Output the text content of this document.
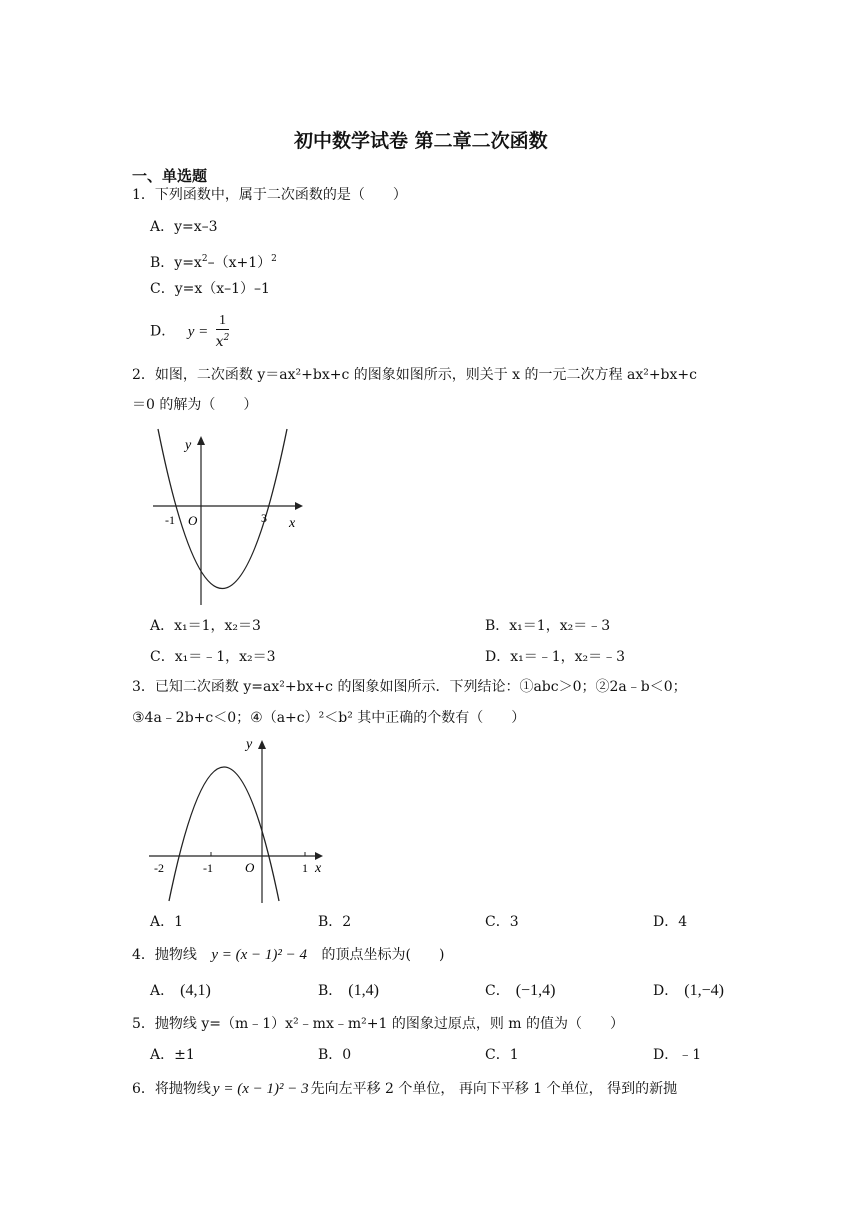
初中数学试卷 第二章二次函数
一、单选题
1．下列函数中，属于二次函数的是（　　）
A．y=x–3
B．$y=x^2-(x+1)^2$
C．y=x（x–1）–1
D． $y = \frac{1}{x^2}$
2．如图，二次函数 y＝ax²+bx+c 的图象如图所示，则关于 x 的一元二次方程 ax²+bx+c
＝0 的解为（　　）
y
x
O
-1	3
A．x₁＝1，x₂＝3	B．x₁＝1，x₂＝﹣3
C．x₁＝﹣1，x₂＝3	D．x₁＝﹣1，x₂＝﹣3
3．已知二次函数 y=ax²+bx+c 的图象如图所示．下列结论：①abc＞0；②2a﹣b＜0；
③4a﹣2b+c＜0；④（a+c）²＜b² 其中正确的个数有（　　）
y
x
O
-2	-1	1
A．1	B．2	C．3	D．4
4．抛物线 y = (x − 1)² − 4 的顶点坐标为(　　)
A． (4,1)	B． (1,4)	C． (−1,4)	D． (1,−4)
5．抛物线 y=（m﹣1）x²﹣mx﹣m²+1 的图象过原点，则 m 的值为（　　）
A．±1	B．0	C．1	D．﹣1
6．将抛物线 y = (x − 1)² − 3 先向左平移 2 个单位， 再向下平移 1 个单位， 得到的新抛
